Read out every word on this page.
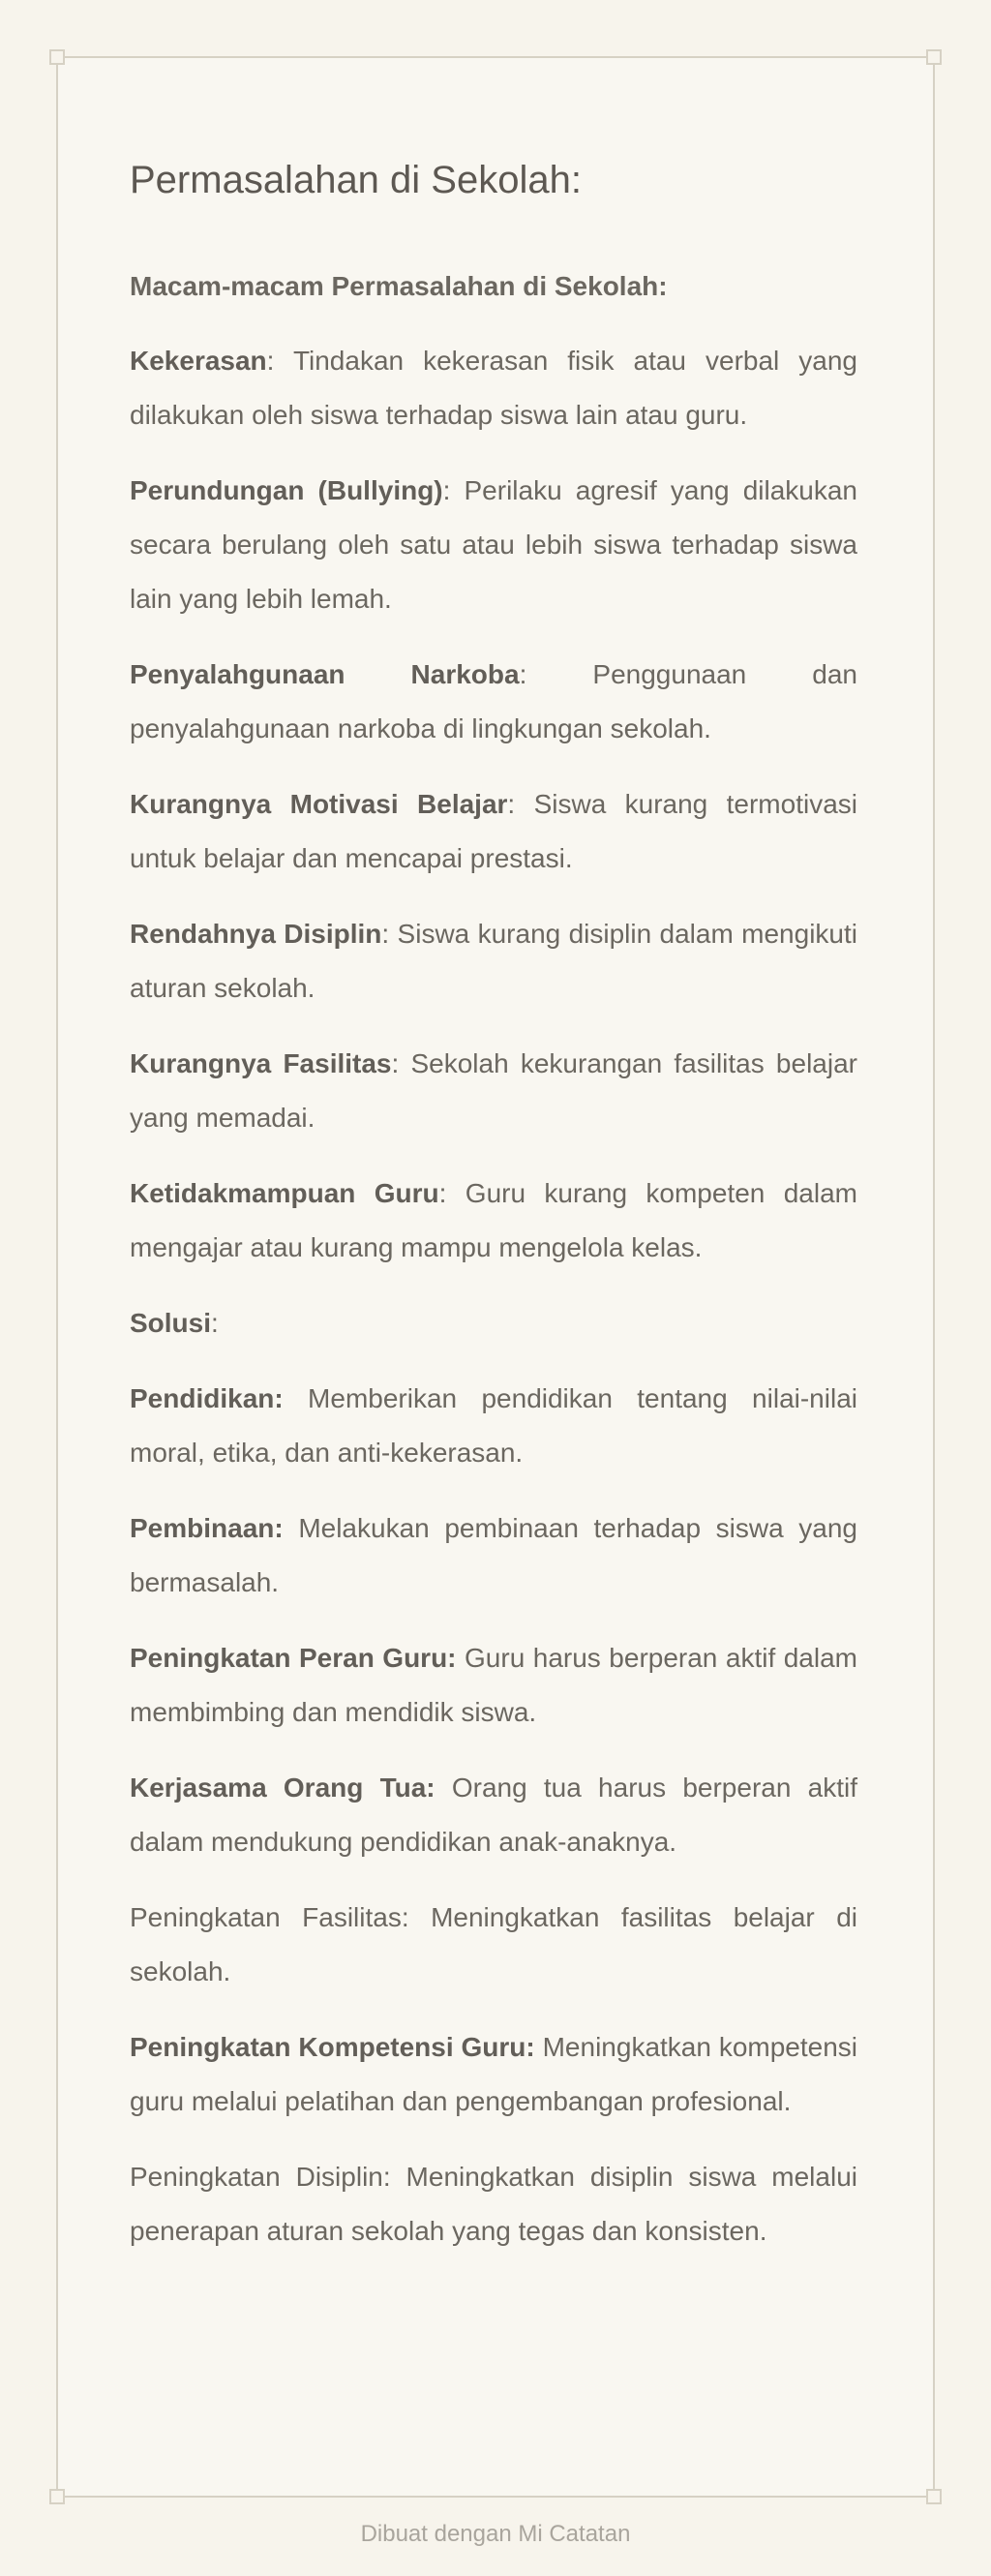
Permasalahan di Sekolah:
Macam-macam Permasalahan di Sekolah:

Kekerasan: Tindakan kekerasan fisik atau verbal yang dilakukan oleh siswa terhadap siswa lain atau guru.

Perundungan (Bullying): Perilaku agresif yang dilakukan secara berulang oleh satu atau lebih siswa terhadap siswa lain yang lebih lemah.

Penyalahgunaan Narkoba: Penggunaan dan penyalahgunaan narkoba di lingkungan sekolah.

Kurangnya Motivasi Belajar: Siswa kurang termotivasi untuk belajar dan mencapai prestasi.

Rendahnya Disiplin: Siswa kurang disiplin dalam mengikuti aturan sekolah.

Kurangnya Fasilitas: Sekolah kekurangan fasilitas belajar yang memadai.

Ketidakmampuan Guru: Guru kurang kompeten dalam mengajar atau kurang mampu mengelola kelas.

Solusi:

Pendidikan: Memberikan pendidikan tentang nilai-nilai moral, etika, dan anti-kekerasan.

Pembinaan: Melakukan pembinaan terhadap siswa yang bermasalah.

Peningkatan Peran Guru: Guru harus berperan aktif dalam membimbing dan mendidik siswa.

Kerjasama Orang Tua: Orang tua harus berperan aktif dalam mendukung pendidikan anak-anaknya.

Peningkatan Fasilitas: Meningkatkan fasilitas belajar di sekolah.

Peningkatan Kompetensi Guru: Meningkatkan kompetensi guru melalui pelatihan dan pengembangan profesional.

Peningkatan Disiplin: Meningkatkan disiplin siswa melalui penerapan aturan sekolah yang tegas dan konsisten.

Dibuat dengan Mi Catatan
